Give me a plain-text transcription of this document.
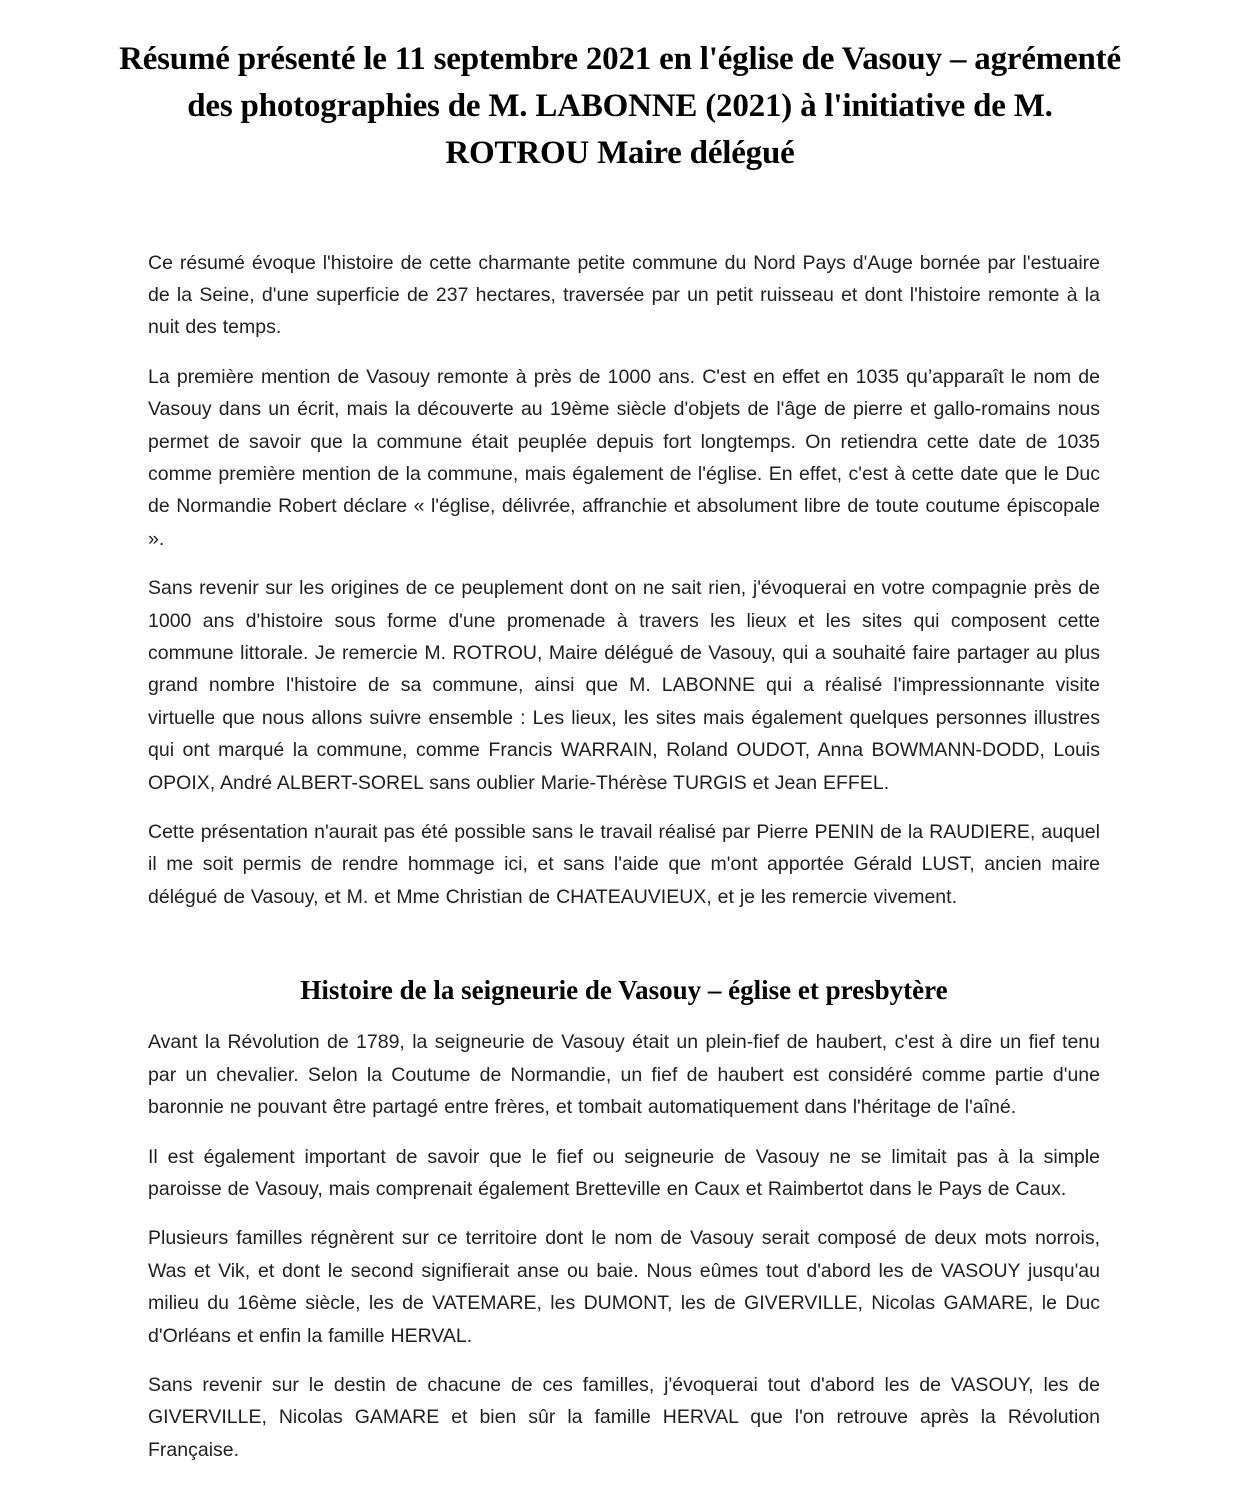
Résumé présenté le 11 septembre 2021 en l'église de Vasouy – agrémenté des photographies de M. LABONNE (2021) à l'initiative de M. ROTROU Maire délégué

Ce résumé évoque l'histoire de cette charmante petite commune du Nord Pays d'Auge bornée par l'estuaire de la Seine, d'une superficie de 237 hectares, traversée par un petit ruisseau et dont l'histoire remonte à la nuit des temps.

La première mention de Vasouy remonte à près de 1000 ans. C'est en effet en 1035 qu’apparaît le nom de Vasouy dans un écrit, mais la découverte au 19ème siècle d'objets de l'âge de pierre et gallo-romains nous permet de savoir que la commune était peuplée depuis fort longtemps. On retiendra cette date de 1035 comme première mention de la commune, mais également de l'église. En effet, c'est à cette date que le Duc de Normandie Robert déclare « l'église, délivrée, affranchie et absolument libre de toute coutume épiscopale ».

Sans revenir sur les origines de ce peuplement dont on ne sait rien, j'évoquerai en votre compagnie près de 1000 ans d'histoire sous forme d'une promenade à travers les lieux et les sites qui composent cette commune littorale. Je remercie M. ROTROU, Maire délégué de Vasouy, qui a souhaité faire partager au plus grand nombre l'histoire de sa commune, ainsi que M. LABONNE qui a réalisé l'impressionnante visite virtuelle que nous allons suivre ensemble : Les lieux, les sites mais également quelques personnes illustres qui ont marqué la commune, comme Francis WARRAIN, Roland OUDOT, Anna BOWMANN-DODD, Louis OPOIX, André ALBERT-SOREL sans oublier Marie-Thérèse TURGIS et Jean EFFEL.

Cette présentation n'aurait pas été possible sans le travail réalisé par Pierre PENIN de la RAUDIERE, auquel il me soit permis de rendre hommage ici, et sans l'aide que m'ont apportée Gérald LUST, ancien maire délégué de Vasouy, et M. et Mme Christian de CHATEAUVIEUX, et je les remercie vivement.

Histoire de la seigneurie de Vasouy – église et presbytère

Avant la Révolution de 1789, la seigneurie de Vasouy était un plein-fief de haubert, c'est à dire un fief tenu par un chevalier. Selon la Coutume de Normandie, un fief de haubert est considéré comme partie d'une baronnie ne pouvant être partagé entre frères, et tombait automatiquement dans l'héritage de l'aîné.

Il est également important de savoir que le fief ou seigneurie de Vasouy ne se limitait pas à la simple paroisse de Vasouy, mais comprenait également Bretteville en Caux et Raimbertot dans le Pays de Caux.

Plusieurs familles régnèrent sur ce territoire dont le nom de Vasouy serait composé de deux mots norrois, Was et Vik, et dont le second signifierait anse ou baie. Nous eûmes tout d'abord les de VASOUY jusqu'au milieu du 16ème siècle, les de VATEMARE, les DUMONT, les de GIVERVILLE, Nicolas GAMARE, le Duc d'Orléans et enfin la famille HERVAL.

Sans revenir sur le destin de chacune de ces familles, j'évoquerai tout d'abord les de VASOUY, les de GIVERVILLE, Nicolas GAMARE et bien sûr la famille HERVAL que l'on retrouve après la Révolution Française.
